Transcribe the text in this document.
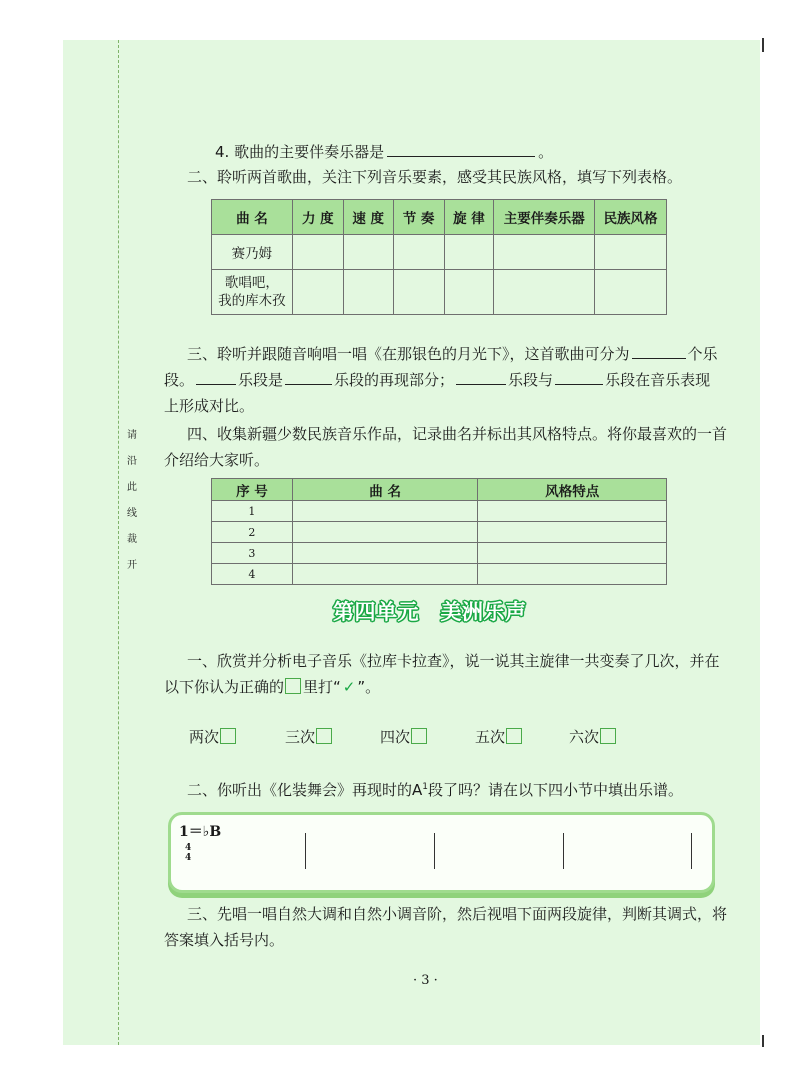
请
沿
此
线
裁
开
4. 歌曲的主要伴奏乐器是	。
二、聆听两首歌曲，关注下列音乐要素，感受其民族风格，填写下列表格。
曲 名	力 度	速 度	节 奏	旋 律	主要伴奏乐器	民族风格
赛乃姆						
歌唱吧，
我的库木孜						
三、聆听并跟随音响唱一唱《在那银色的月光下》，这首歌曲可分为	个乐
段。	乐段是	乐段的再现部分；	乐段与	乐段在音乐表现
上形成对比。
四、收集新疆少数民族音乐作品，记录曲名并标出其风格特点。将你最喜欢的一首
介绍给大家听。
序 号	曲 名	风格特点
1		
2		
3		
4		
第四单元　美洲乐声
一、欣赏并分析电子音乐《拉库卡拉查》，说一说其主旋律一共变奏了几次，并在
以下你认为正确的 里打“ ✓ ”。
两次	三次	四次	五次	六次
二、你听出《化装舞会》再现时的$A^1$段了吗？请在以下四小节中填出乐谱。
1＝♭B
4
4
三、先唱一唱自然大调和自然小调音阶，然后视唱下面两段旋律，判断其调式，将
答案填入括号内。
· 3 ·
